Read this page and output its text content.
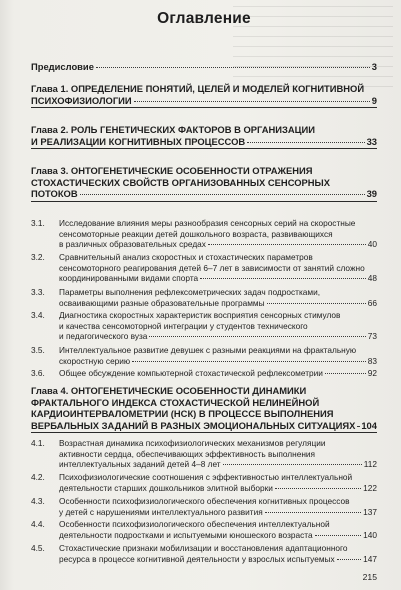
Оглавление
Предисловие	3
Глава 1. ОПРЕДЕЛЕНИЕ ПОНЯТИЙ, ЦЕЛЕЙ И МОДЕЛЕЙ КОГНИТИВНОЙ
ПСИХОФИЗИОЛОГИИ	9
Глава 2. РОЛЬ ГЕНЕТИЧЕСКИХ ФАКТОРОВ В ОРГАНИЗАЦИИ
И РЕАЛИЗАЦИИ КОГНИТИВНЫХ ПРОЦЕССОВ	33
Глава 3. ОНТОГЕНЕТИЧЕСКИЕ ОСОБЕННОСТИ ОТРАЖЕНИЯ
СТОХАСТИЧЕСКИХ СВОЙСТВ ОРГАНИЗОВАННЫХ СЕНСОРНЫХ
ПОТОКОВ	39
3.1.	Исследование влияния меры разнообразия сенсорных серий на скоростные
сенсомоторные реакции детей дошкольного возраста, развивающихся
в различных образовательных средах	40
3.2.	Сравнительный анализ скоростных и стохастических параметров
сенсомоторного реагирования детей 6–7 лет в зависимости от занятий сложно
координированными видами спорта	48
3.3.	Параметры выполнения рефлексометрических задач подростками,
осваивающими разные образовательные программы	66
3.4.	Диагностика скоростных характеристик восприятия сенсорных стимулов
и качества сенсомоторной интеграции у студентов технического
и педагогического вуза	73
3.5.	Интеллектуальное развитие девушек с разными реакциями на фрактальную
скоростную серию	83
3.6.	Общее обсуждение компьютерной стохастической рефлексометрии	92
Глава 4. ОНТОГЕНЕТИЧЕСКИЕ ОСОБЕННОСТИ ДИНАМИКИ
ФРАКТАЛЬНОГО ИНДЕКСА СТОХАСТИЧЕСКОЙ НЕЛИНЕЙНОЙ
КАРДИОИНТЕРВАЛОМЕТРИИ (НСК) В ПРОЦЕССЕ ВЫПОЛНЕНИЯ
ВЕРБАЛЬНЫХ ЗАДАНИЙ В РАЗНЫХ ЭМОЦИОНАЛЬНЫХ СИТУАЦИЯХ 104
4.1.	Возрастная динамика психофизиологических механизмов регуляции
активности сердца, обеспечивающих эффективность выполнения
интеллектуальных заданий детей 4–8 лет	112
4.2.	Психофизиологические соотношения с эффективностью интеллектуальной
деятельности старших дошкольников элитной выборки	122
4.3.	Особенности психофизиологического обеспечения когнитивных процессов
у детей с нарушениями интеллектуального развития	137
4.4.	Особенности психофизиологического обеспечения интеллектуальной
деятельности подростками и испытуемыми юношеского возраста	140
4.5.	Стохастические признаки мобилизации и восстановления адаптационного
ресурса в процессе когнитивной деятельности у взрослых испытуемых	147
215
